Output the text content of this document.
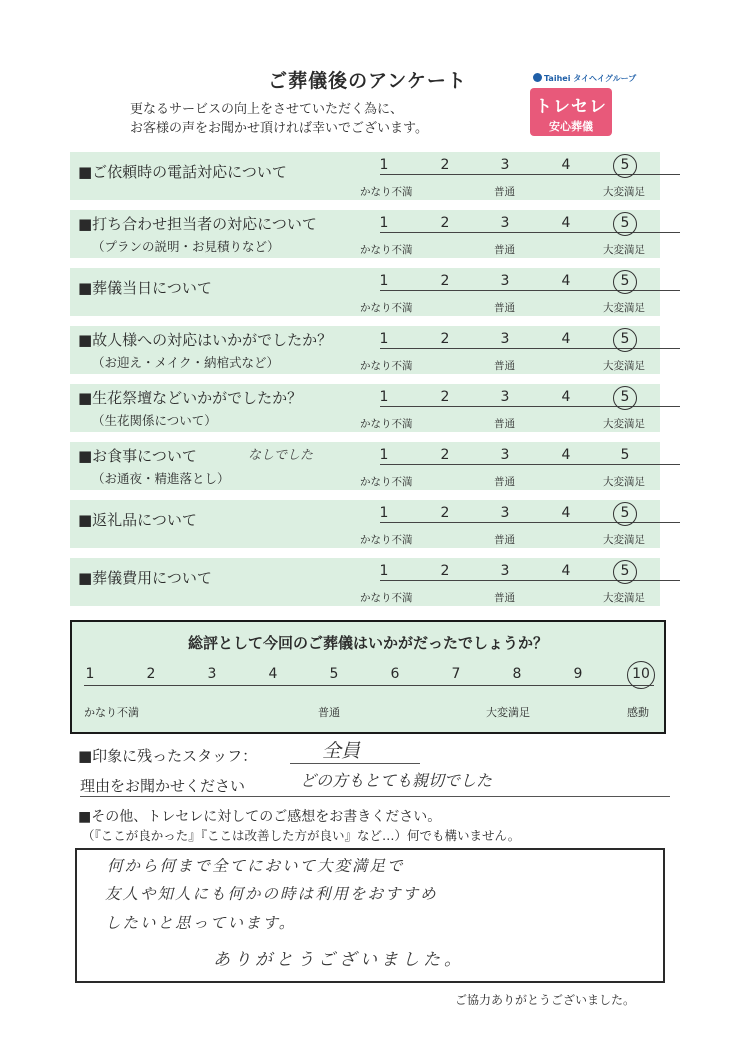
ご葬儀後のアンケート
更なるサービスの向上をさせていただく為に、
お客様の声をお聞かせ頂ければ幸いでございます。
Taihei タイヘイグループ
トレセレ
安心葬儀
■ご依頼時の電話対応について	1	2	3	4	5
かなり不満	普通	大変満足
■打ち合わせ担当者の対応について
（プランの説明・お見積りなど）
1	2	3	4	5
かなり不満	普通	大変満足
■葬儀当日について	1	2	3	4	5
かなり不満	普通	大変満足
■故人様への対応はいかがでしたか？
（お迎え・メイク・納棺式など）
1	2	3	4	5
かなり不満	普通	大変満足
■生花祭壇などいかがでしたか？
（生花関係について）
1	2	3	4	5
かなり不満	普通	大変満足
■お食事について
（お通夜・精進落とし）
なしでした	1	2	3	4	5
かなり不満	普通	大変満足
■返礼品について	1	2	3	4	5
かなり不満	普通	大変満足
■葬儀費用について	1	2	3	4	5
かなり不満	普通	大変満足
総評として今回のご葬儀はいかがだったでしょうか？
1	2	3	4	5	6	7	8	9	10
かなり不満	普通	大変満足	感動
■印象に残ったスタッフ：	全員
理由をお聞かせください	どの方もとても親切でした
■その他、トレセレに対してのご感想をお書きください。
（『ここが良かった』『ここは改善した方が良い』など…）何でも構いません。
何から何まで全てにおいて大変満足で
友人や知人にも何かの時は利用をおすすめ
したいと思っています。
ありがとうございました。
ご協力ありがとうございました。
